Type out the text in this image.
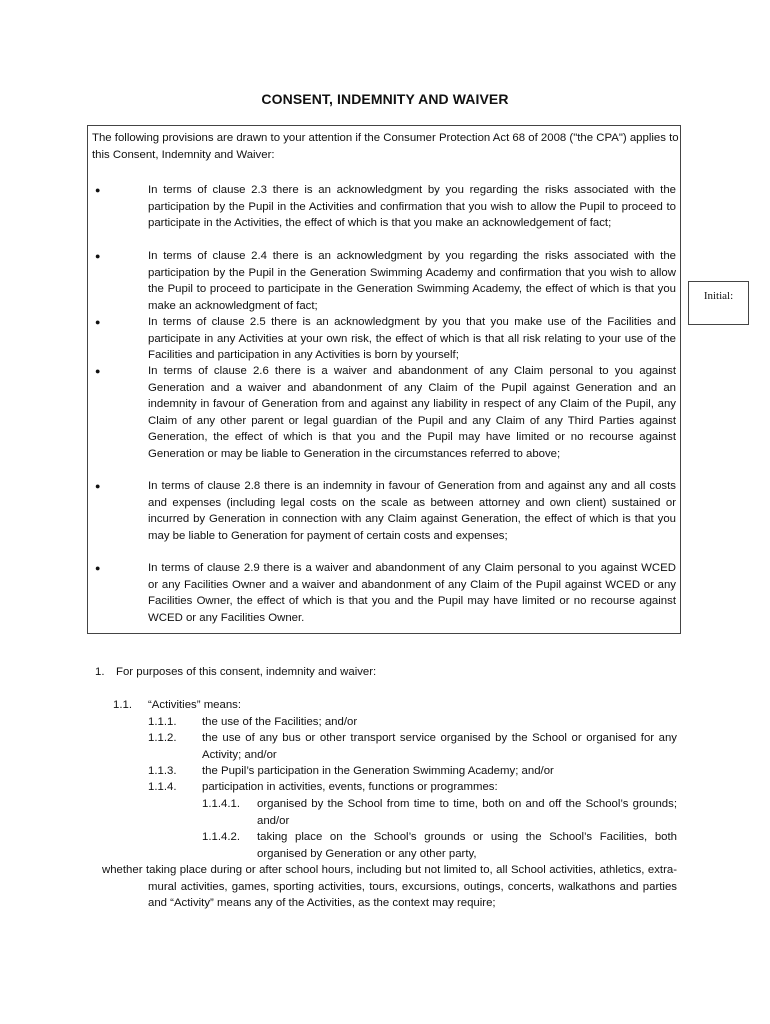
CONSENT, INDEMNITY AND WAIVER
The following provisions are drawn to your attention if the Consumer Protection Act 68 of 2008 ("the CPA") applies to this Consent, Indemnity and Waiver:
●	In terms of clause 2.3 there is an acknowledgment by you regarding the risks associated with the participation by the Pupil in the Activities and confirmation that you wish to allow the Pupil to proceed to participate in the Activities, the effect of which is that you make an acknowledgement of fact;
●	In terms of clause 2.4 there is an acknowledgment by you regarding the risks associated with the participation by the Pupil in the Generation Swimming Academy and confirmation that you wish to allow the Pupil to proceed to participate in the Generation Swimming Academy, the effect of which is that you make an acknowledgment of fact;
●	In terms of clause 2.5 there is an acknowledgment by you that you make use of the Facilities and participate in any Activities at your own risk, the effect of which is that all risk relating to your use of the Facilities and participation in any Activities is born by yourself;
●	In terms of clause 2.6 there is a waiver and abandonment of any Claim personal to you against Generation and a waiver and abandonment of any Claim of the Pupil against Generation and an indemnity in favour of Generation from and against any liability in respect of any Claim of the Pupil, any Claim of any other parent or legal guardian of the Pupil and any Claim of any Third Parties against Generation, the effect of which is that you and the Pupil may have limited or no recourse against Generation or may be liable to Generation in the circumstances referred to above;
●	In terms of clause 2.8 there is an indemnity in favour of Generation from and against any and all costs and expenses (including legal costs on the scale as between attorney and own client) sustained or incurred by Generation in connection with any Claim against Generation, the effect of which is that you may be liable to Generation for payment of certain costs and expenses;
●	In terms of clause 2.9 there is a waiver and abandonment of any Claim personal to you against WCED or any Facilities Owner and a waiver and abandonment of any Claim of the Pupil against WCED or any Facilities Owner, the effect of which is that you and the Pupil may have limited or no recourse against WCED or any Facilities Owner.
Initial:
1. For purposes of this consent, indemnity and waiver:
1.1. “Activities” means:
1.1.1. the use of the Facilities; and/or
1.1.2. the use of any bus or other transport service organised by the School or organised for any Activity; and/or
1.1.3. the Pupil’s participation in the Generation Swimming Academy; and/or
1.1.4. participation in activities, events, functions or programmes:
1.1.4.1. organised by the School from time to time, both on and off the School’s grounds; and/or
1.1.4.2. taking place on the School’s grounds or using the School’s Facilities, both organised by Generation or any other party,
whether taking place during or after school hours, including but not limited to, all School activities, athletics, extra-mural activities, games, sporting activities, tours, excursions, outings, concerts, walkathons and parties and “Activity” means any of the Activities, as the context may require;
